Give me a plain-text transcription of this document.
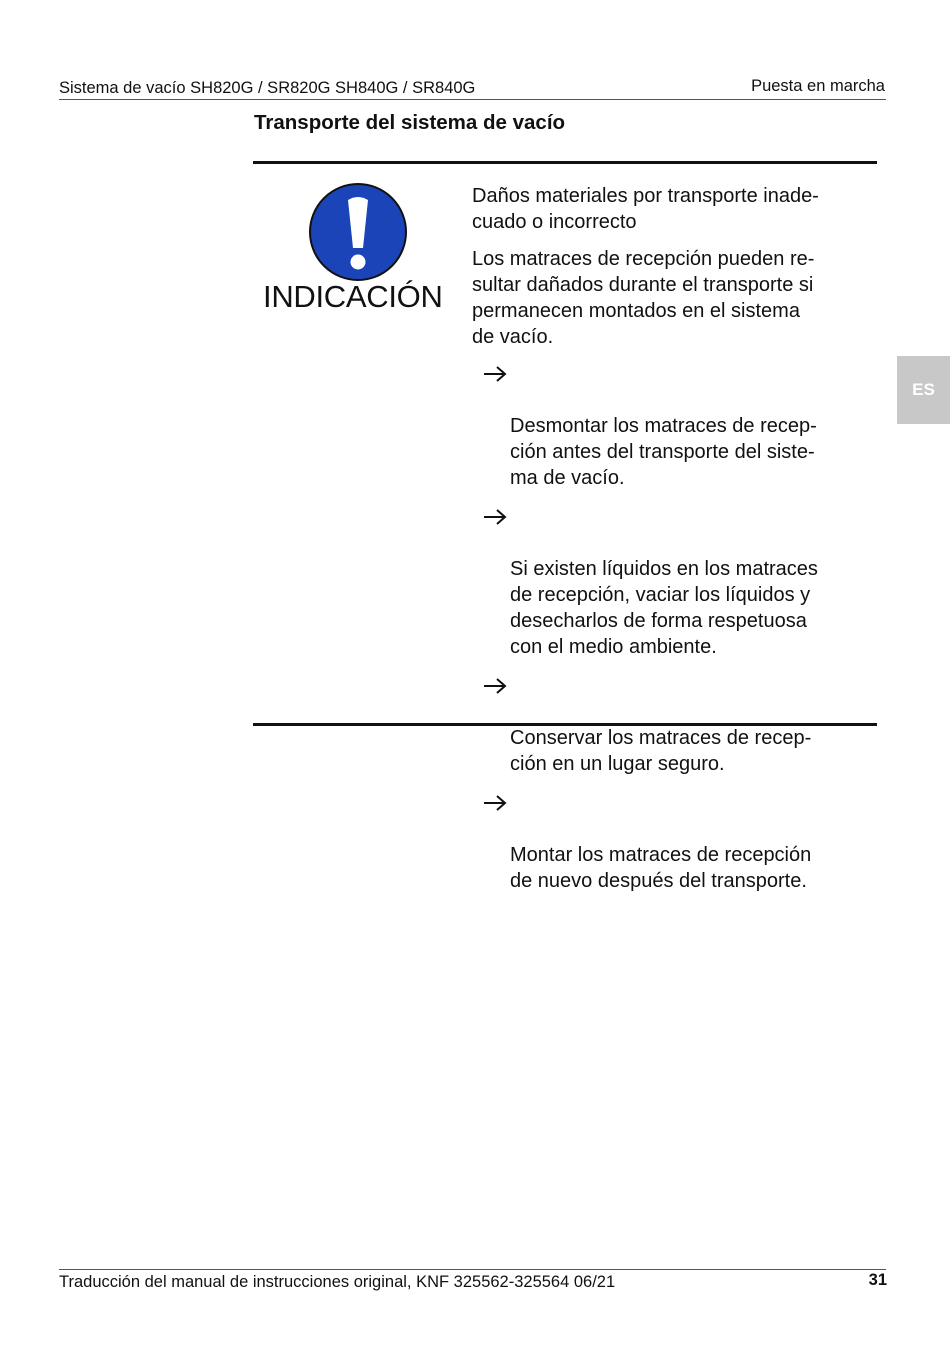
Sistema de vacío SH820G / SR820G SH840G / SR840G	Puesta en marcha
Transporte del sistema de vacío
INDICACIÓN

Daños materiales por transporte inade-
cuado o incorrecto

Los matraces de recepción pueden re-
sultar dañados durante el transporte si
permanecen montados en el sistema
de vacío.

Desmontar los matraces de recep-
ción antes del transporte del siste-
ma de vacío.

Si existen líquidos en los matraces
de recepción, vaciar los líquidos y
desecharlos de forma respetuosa
con el medio ambiente.

Conservar los matraces de recep-
ción en un lugar seguro.

Montar los matraces de recepción
de nuevo después del transporte.

ES
Traducción del manual de instrucciones original, KNF 325562-325564 06/21	31
